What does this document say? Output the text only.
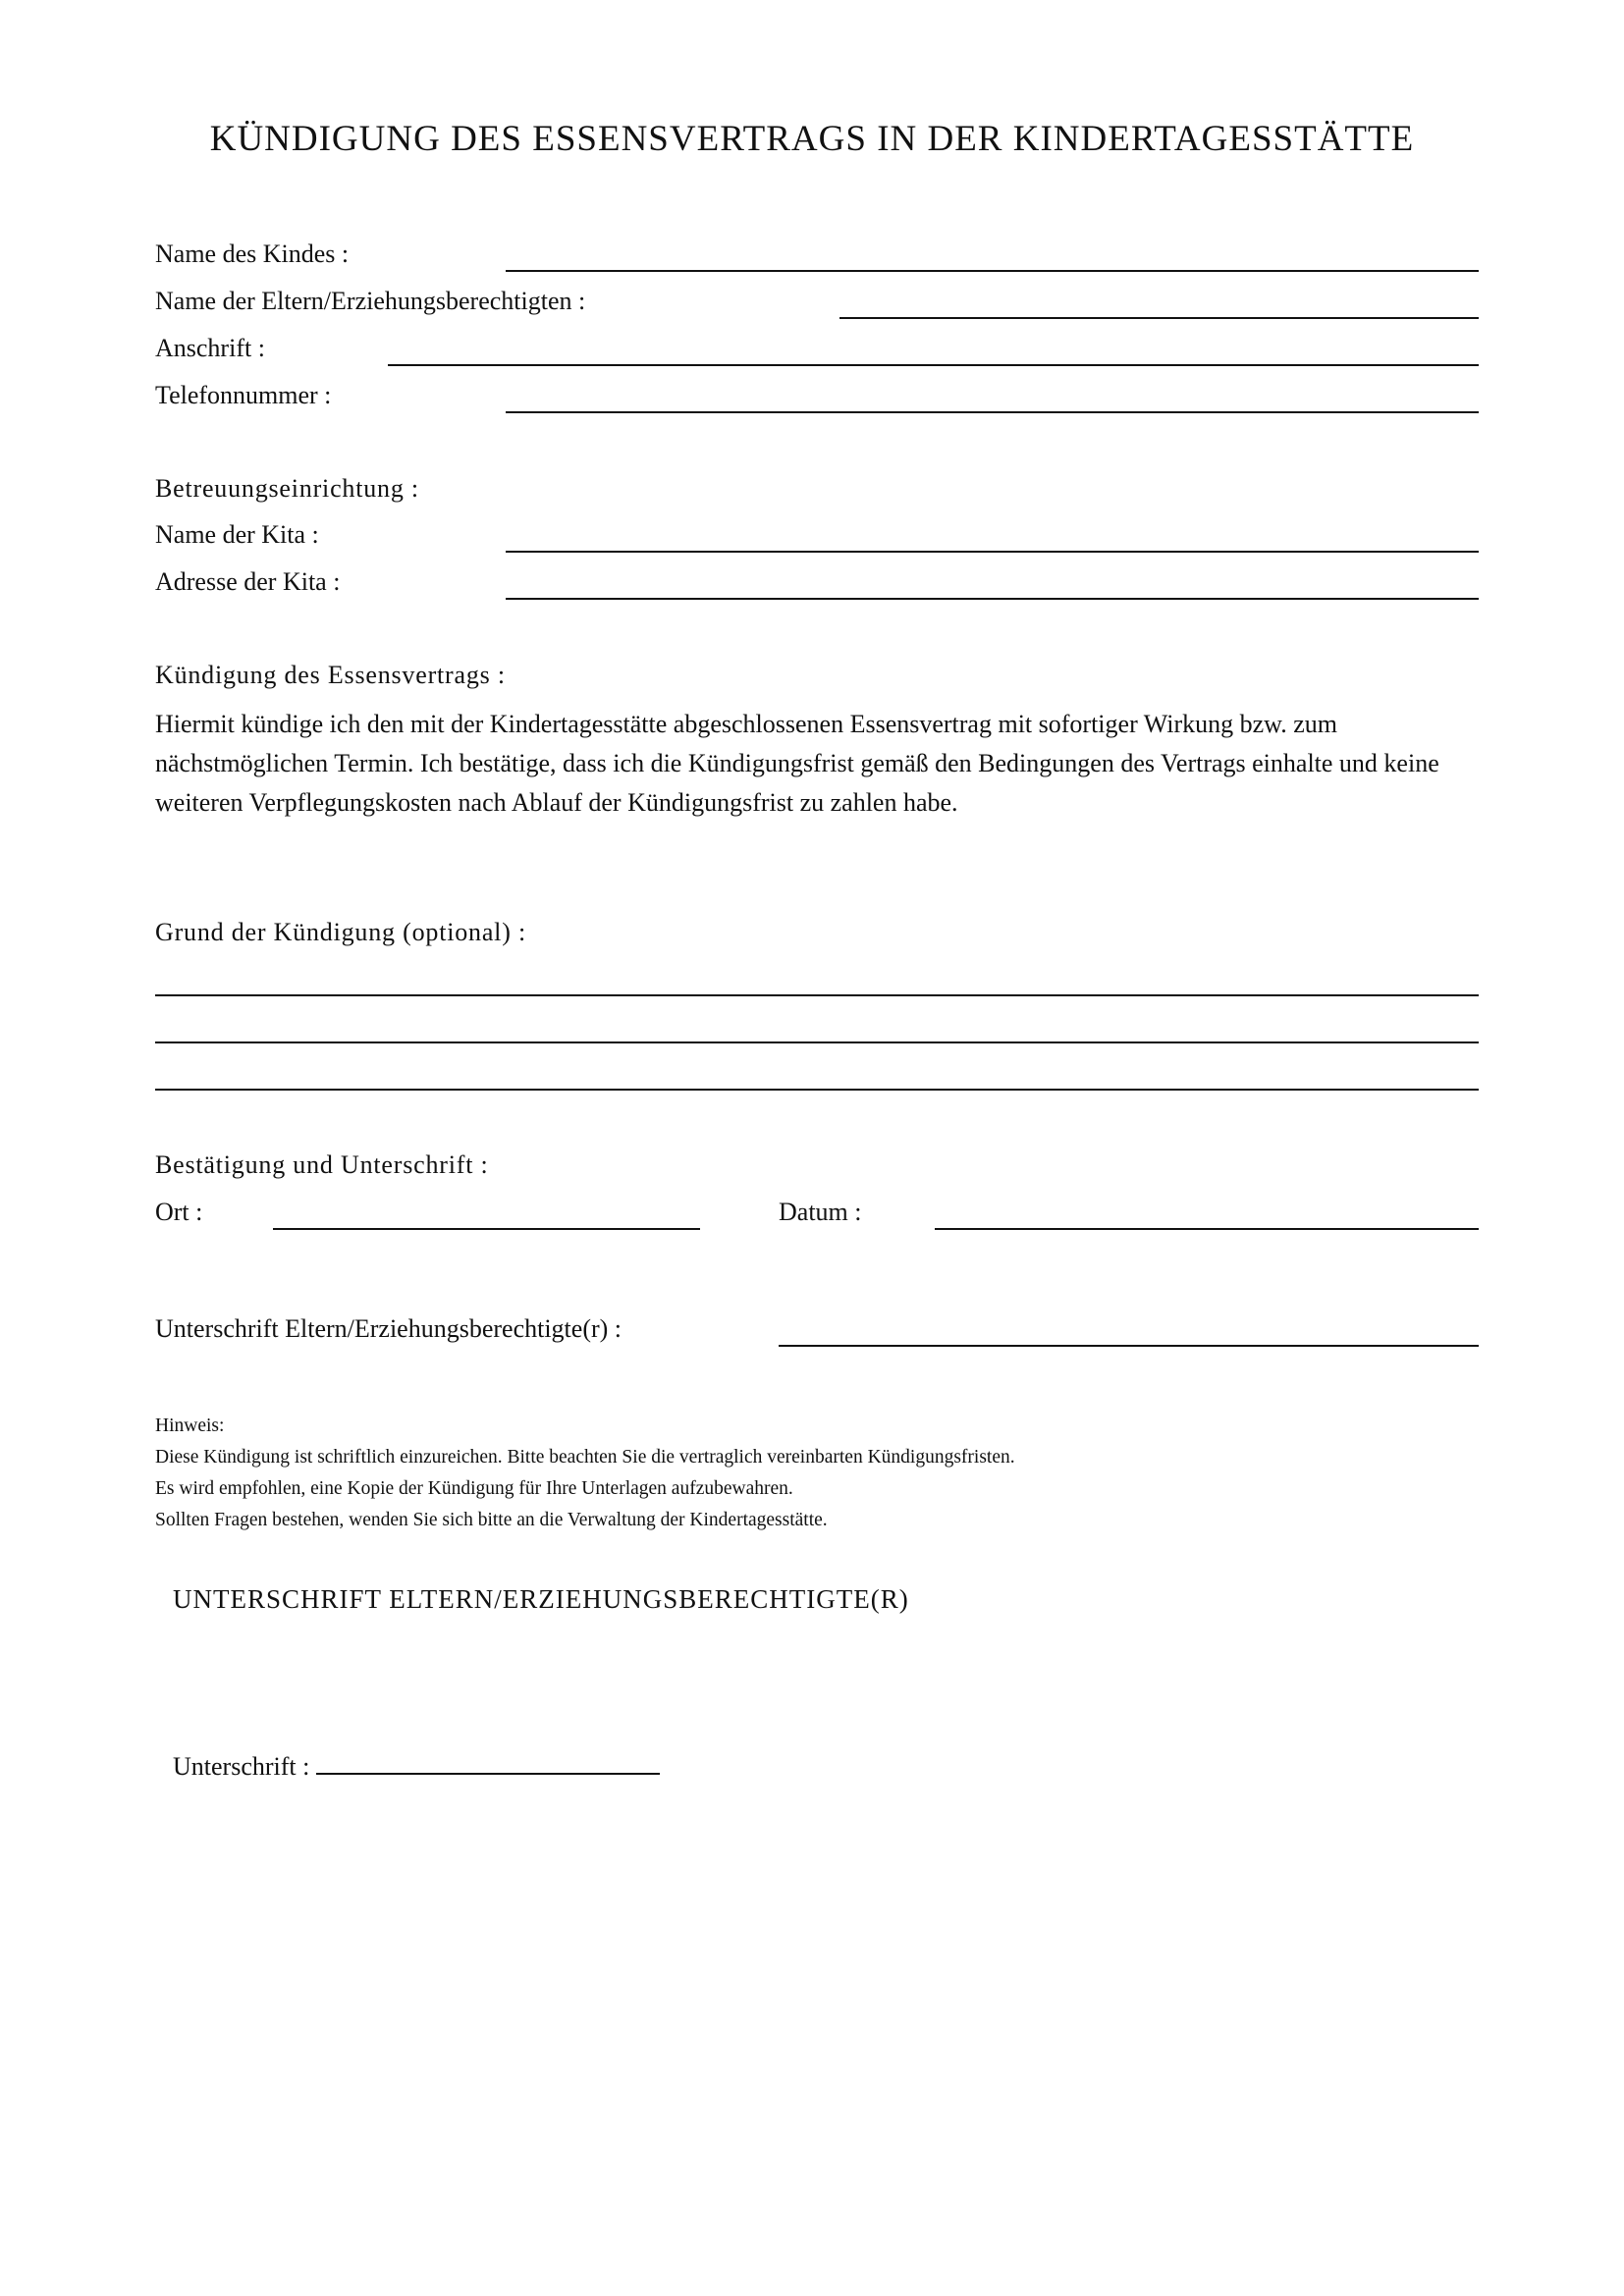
KÜNDIGUNG DES ESSENSVERTRAGS IN DER KINDERTAGESSTÄTTE
Name des Kindes :
Name der Eltern/Erziehungsberechtigten :
Anschrift :
Telefonnummer :
Betreuungseinrichtung :
Name der Kita :
Adresse der Kita :
Kündigung des Essensvertrags :
Hiermit kündige ich den mit der Kindertagesstätte abgeschlossenen Essensvertrag mit sofortiger Wirkung bzw. zum nächstmöglichen Termin. Ich bestätige, dass ich die Kündigungsfrist gemäß den Bedingungen des Vertrags einhalte und keine weiteren Verpflegungskosten nach Ablauf der Kündigungsfrist zu zahlen habe.
Grund der Kündigung (optional) :
Bestätigung und Unterschrift :
Ort :	Datum :
Unterschrift Eltern/Erziehungsberechtigte(r) :
Hinweis:
Diese Kündigung ist schriftlich einzureichen. Bitte beachten Sie die vertraglich vereinbarten Kündigungsfristen.
Es wird empfohlen, eine Kopie der Kündigung für Ihre Unterlagen aufzubewahren.
Sollten Fragen bestehen, wenden Sie sich bitte an die Verwaltung der Kindertagesstätte.
UNTERSCHRIFT ELTERN/ERZIEHUNGSBERECHTIGTE(R)
Unterschrift :
